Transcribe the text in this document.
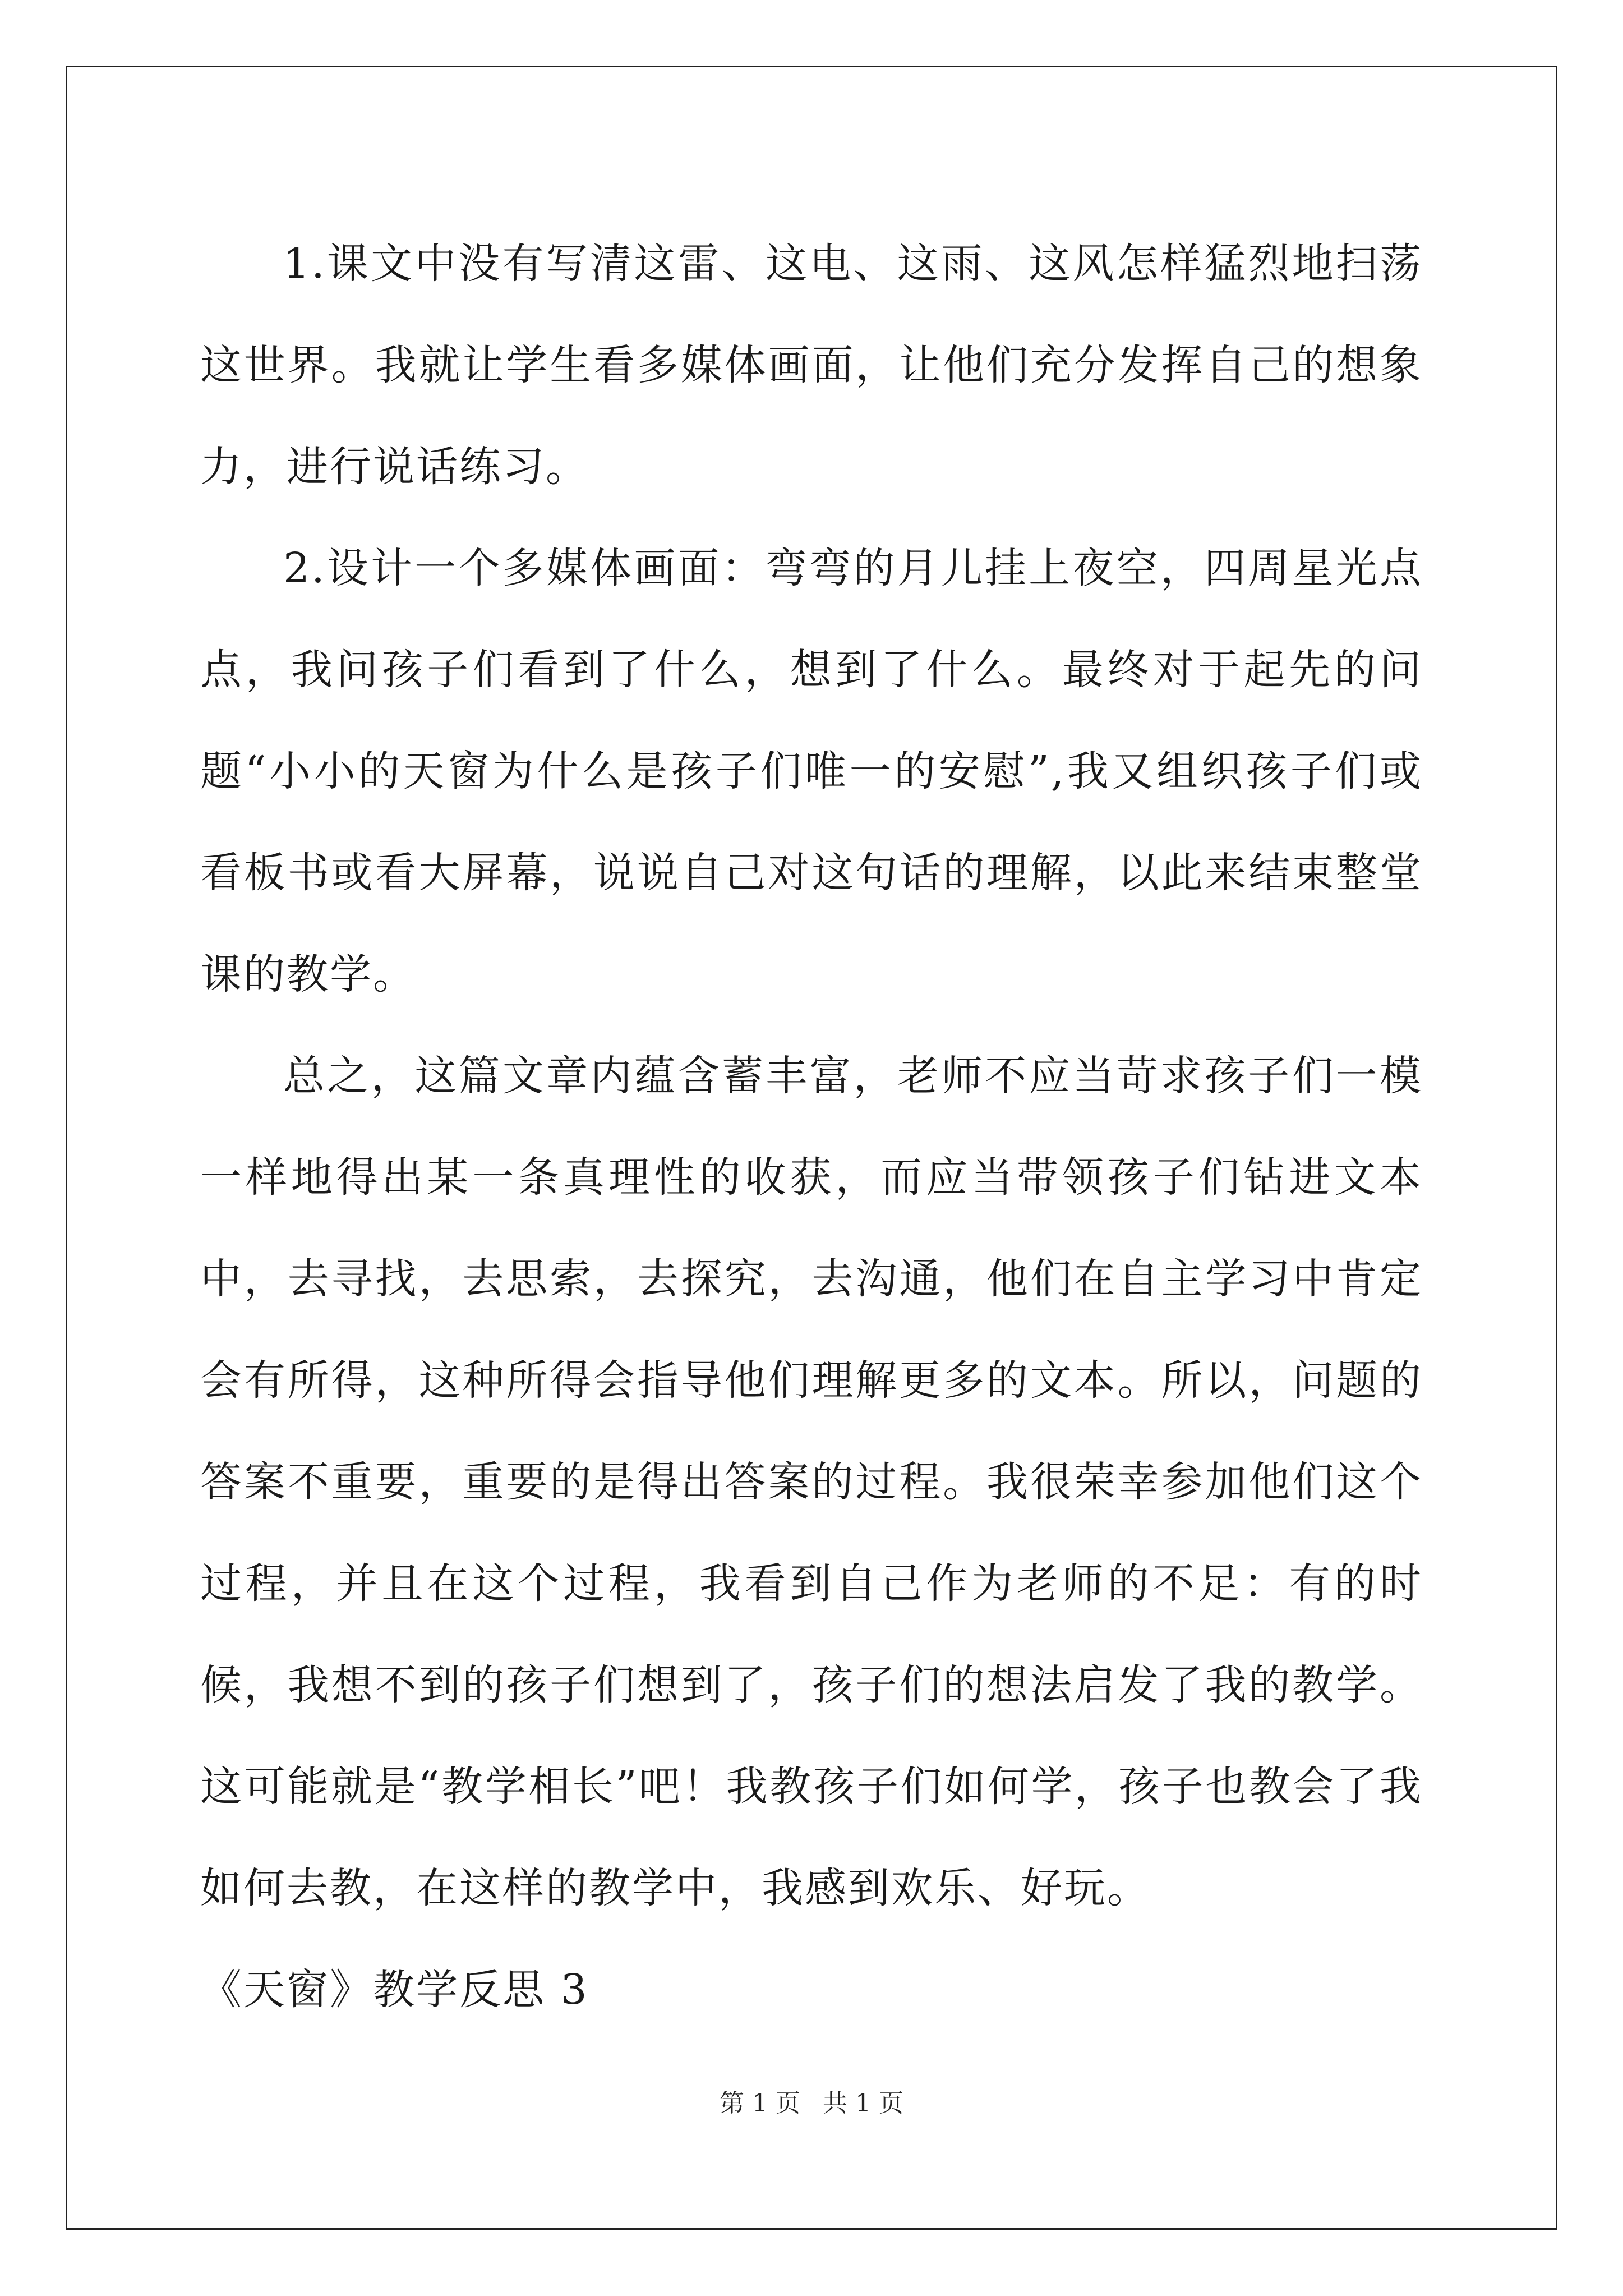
1.课文中没有写清这雷、这电、这雨、这风怎样猛烈地扫荡这世界。我就让学生看多媒体画面，让他们充分发挥自己的想象力，进行说话练习。

2.设计一个多媒体画面：弯弯的月儿挂上夜空，四周星光点点，我问孩子们看到了什么，想到了什么。最终对于起先的问题“小小的天窗为什么是孩子们唯一的安慰”,我又组织孩子们或看板书或看大屏幕，说说自己对这句话的理解，以此来结束整堂课的教学。

总之，这篇文章内蕴含蓄丰富，老师不应当苛求孩子们一模一样地得出某一条真理性的收获，而应当带领孩子们钻进文本中，去寻找，去思索，去探究，去沟通，他们在自主学习中肯定会有所得，这种所得会指导他们理解更多的文本。所以，问题的答案不重要，重要的是得出答案的过程。我很荣幸参加他们这个过程，并且在这个过程，我看到自己作为老师的不足：有的时候，我想不到的孩子们想到了，孩子们的想法启发了我的教学。这可能就是“教学相长”吧！我教孩子们如何学，孩子也教会了我如何去教，在这样的教学中，我感到欢乐、好玩。

《天窗》教学反思 3

第 1 页 共 1 页
